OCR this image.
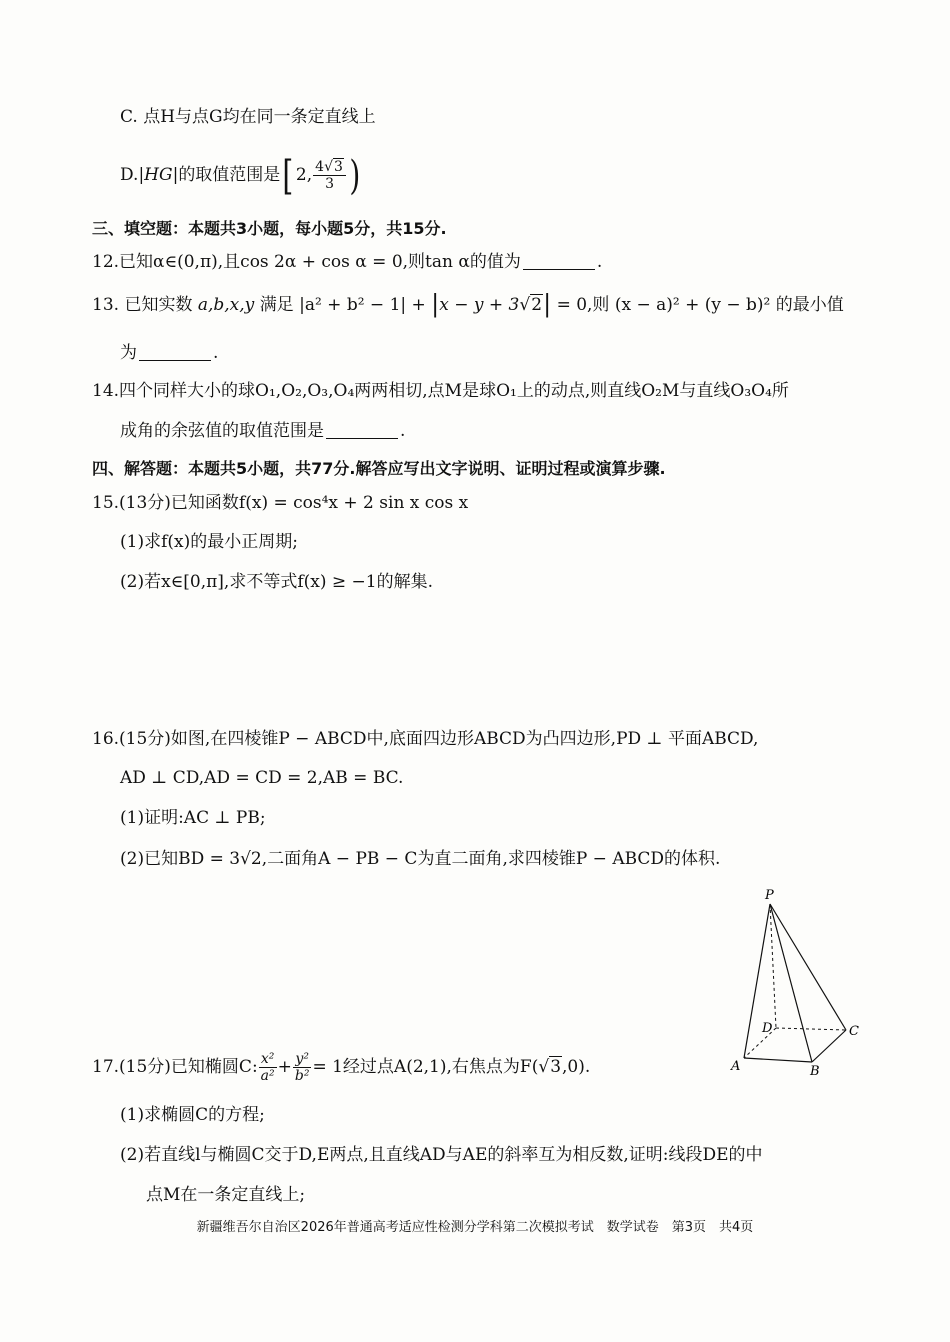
C. 点H与点G均在同一条定直线上
D.|HG|的取值范围是[ 2, $\frac{4√3}{3}$ )
三、填空题：本题共3小题，每小题5分，共15分.
12.已知α∈(0,π),且cos 2α + cos α = 0,则tan α的值为	.
13. 已知实数 a,b,x,y 满足 |a² + b² − 1| + |x − y + 3√2| = 0,则 (x − a)² + (y − b)² 的最小值
为	.
14.四个同样大小的球O₁,O₂,O₃,O₄两两相切,点M是球O₁上的动点,则直线O₂M与直线O₃O₄所
成角的余弦值的取值范围是	.
四、解答题：本题共5小题，共77分.解答应写出文字说明、证明过程或演算步骤.
15.(13分)已知函数f(x) = cos⁴x + 2 sin x cos x
(1)求f(x)的最小正周期;
(2)若x∈[0,π],求不等式f(x) ≥ −1的解集.
16.(15分)如图,在四棱锥P − ABCD中,底面四边形ABCD为凸四边形,PD ⊥ 平面ABCD,
AD ⊥ CD,AD = CD = 2,AB = BC.
(1)证明:AC ⊥ PB;
(2)已知BD = 3√2,二面角A − PB − C为直二面角,求四棱锥P − ABCD的体积.
P
D	C
A	B
17.(15分)已知椭圆C: $\frac{\text{x²}}{\text{a²}} + \frac{\text{y²}}{\text{b²}} = 1$经过点A(2,1),右焦点为F(√3,0).
(1)求椭圆C的方程;
(2)若直线l与椭圆C交于D,E两点,且直线AD与AE的斜率互为相反数,证明:线段DE的中
点M在一条定直线上;
新疆维吾尔自治区2026年普通高考适应性检测分学科第二次模拟考试　数学试卷　第3页　共4页
